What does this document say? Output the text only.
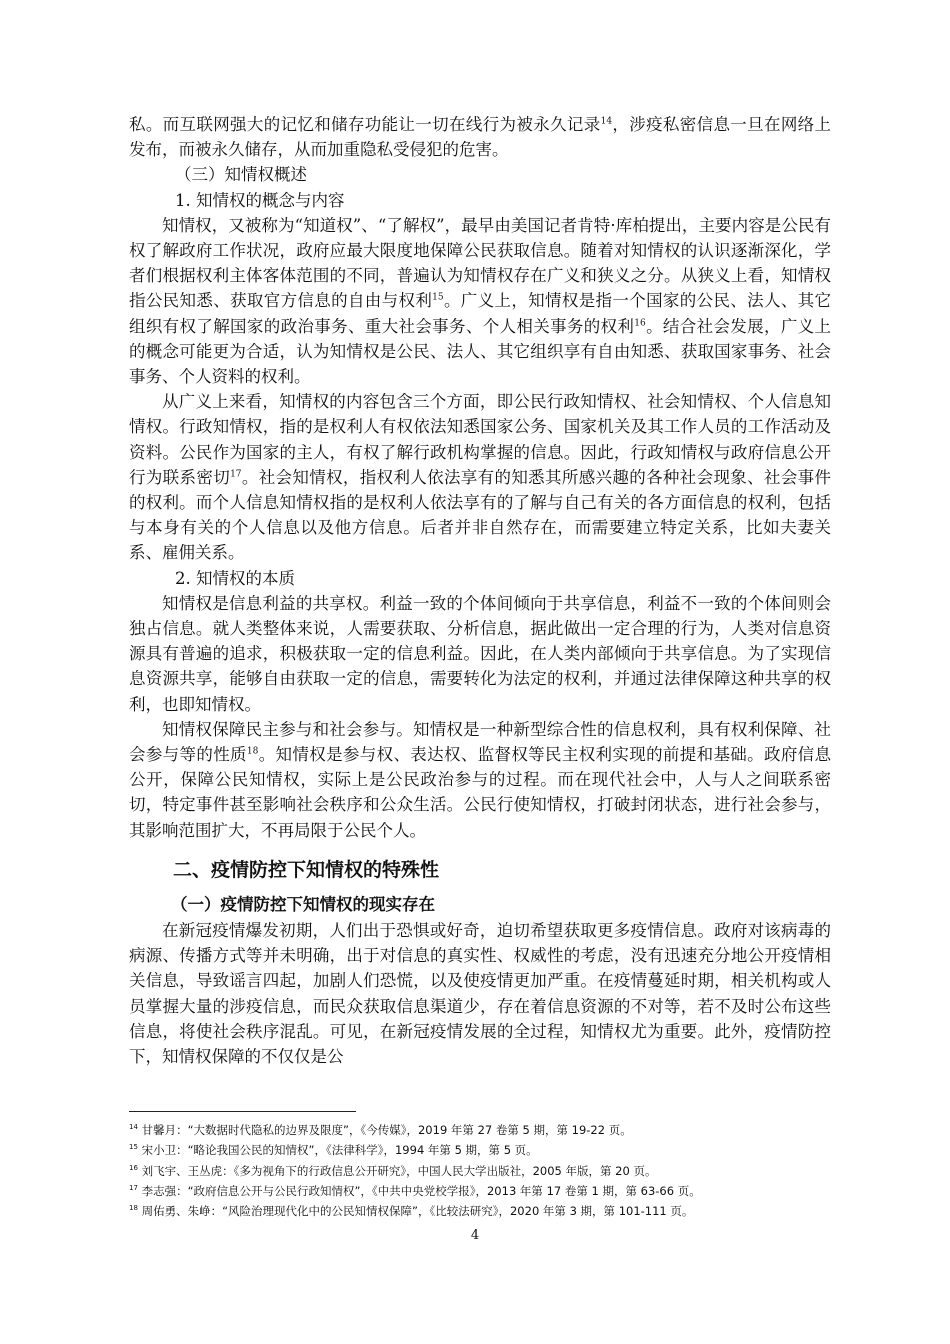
私。而互联网强大的记忆和储存功能让一切在线行为被永久记录$^{14}$，涉疫私密信息一旦在网络上发布，而被永久储存，从而加重隐私受侵犯的危害。

（三）知情权概述

1. 知情权的概念与内容

知情权，又被称为“知道权”、“了解权”，最早由美国记者肯特·库柏提出，主要内容是公民有权了解政府工作状况，政府应最大限度地保障公民获取信息。随着对知情权的认识逐渐深化，学者们根据权利主体客体范围的不同，普遍认为知情权存在广义和狭义之分。从狭义上看，知情权指公民知悉、获取官方信息的自由与权利$^{15}$。广义上，知情权是指一个国家的公民、法人、其它组织有权了解国家的政治事务、重大社会事务、个人相关事务的权利$^{16}$。结合社会发展，广义上的概念可能更为合适，认为知情权是公民、法人、其它组织享有自由知悉、获取国家事务、社会事务、个人资料的权利。

从广义上来看，知情权的内容包含三个方面，即公民行政知情权、社会知情权、个人信息知情权。行政知情权，指的是权利人有权依法知悉国家公务、国家机关及其工作人员的工作活动及资料。公民作为国家的主人，有权了解行政机构掌握的信息。因此，行政知情权与政府信息公开行为联系密切$^{17}$。社会知情权，指权利人依法享有的知悉其所感兴趣的各种社会现象、社会事件的权利。而个人信息知情权指的是权利人依法享有的了解与自己有关的各方面信息的权利，包括与本身有关的个人信息以及他方信息。后者并非自然存在，而需要建立特定关系，比如夫妻关系、雇佣关系。

2. 知情权的本质

知情权是信息利益的共享权。利益一致的个体间倾向于共享信息，利益不一致的个体间则会独占信息。就人类整体来说，人需要获取、分析信息，据此做出一定合理的行为，人类对信息资源具有普遍的追求，积极获取一定的信息利益。因此，在人类内部倾向于共享信息。为了实现信息资源共享，能够自由获取一定的信息，需要转化为法定的权利，并通过法律保障这种共享的权利，也即知情权。

知情权保障民主参与和社会参与。知情权是一种新型综合性的信息权利，具有权利保障、社会参与等的性质$^{18}$。知情权是参与权、表达权、监督权等民主权利实现的前提和基础。政府信息公开，保障公民知情权，实际上是公民政治参与的过程。而在现代社会中，人与人之间联系密切，特定事件甚至影响社会秩序和公众生活。公民行使知情权，打破封闭状态，进行社会参与，其影响范围扩大，不再局限于公民个人。

二、疫情防控下知情权的特殊性

（一）疫情防控下知情权的现实存在

在新冠疫情爆发初期，人们出于恐惧或好奇，迫切希望获取更多疫情信息。政府对该病毒的病源、传播方式等并未明确，出于对信息的真实性、权威性的考虑，没有迅速充分地公开疫情相关信息，导致谣言四起，加剧人们恐慌，以及使疫情更加严重。在疫情蔓延时期，相关机构或人员掌握大量的涉疫信息，而民众获取信息渠道少，存在着信息资源的不对等，若不及时公布这些信息，将使社会秩序混乱。可见，在新冠疫情发展的全过程，知情权尤为重要。此外，疫情防控下，知情权保障的不仅仅是公

$^{14}$ 甘馨月：“大数据时代隐私的边界及限度”，《今传媒》，2019 年第 27 卷第 5 期，第 19-22 页。
$^{15}$ 宋小卫：“略论我国公民的知情权”，《法律科学》，1994 年第 5 期，第 5 页。
$^{16}$ 刘飞宇、王丛虎：《多为视角下的行政信息公开研究》，中国人民大学出版社，2005 年版，第 20 页。
$^{17}$ 李志强：“政府信息公开与公民行政知情权”，《中共中央党校学报》，2013 年第 17 卷第 1 期，第 63-66 页。
$^{18}$ 周佑勇、朱峥：“风险治理现代化中的公民知情权保障”，《比较法研究》，2020 年第 3 期，第 101-111 页。
4
